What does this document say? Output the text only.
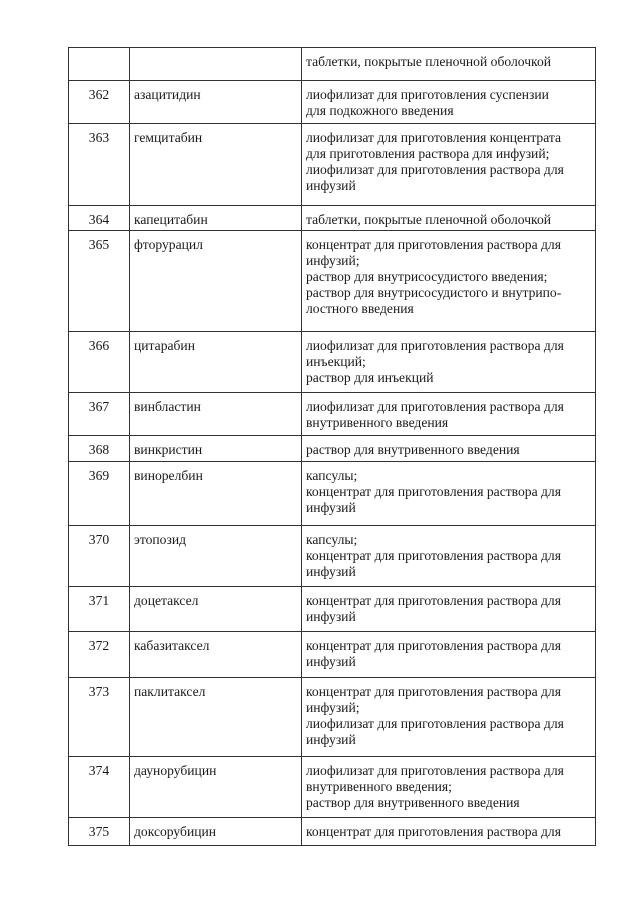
		таблетки, покрытые пленочной оболочкой
362	азацитидин	лиофилизат для приготовления суспензии
для подкожного введения
363	гемцитабин	лиофилизат для приготовления концентрата
для приготовления раствора для инфузий;
лиофилизат для приготовления раствора для
инфузий
364	капецитабин	таблетки, покрытые пленочной оболочкой
365	фторурацил	концентрат для приготовления раствора для
инфузий;
раствор для внутрисосудистого введения;
раствор для внутрисосудистого и внутрипо-
лостного введения
366	цитарабин	лиофилизат для приготовления раствора для
инъекций;
раствор для инъекций
367	винбластин	лиофилизат для приготовления раствора для
внутривенного введения
368	винкристин	раствор для внутривенного введения
369	винорелбин	капсулы;
концентрат для приготовления раствора для
инфузий
370	этопозид	капсулы;
концентрат для приготовления раствора для
инфузий
371	доцетаксел	концентрат для приготовления раствора для
инфузий
372	кабазитаксел	концентрат для приготовления раствора для
инфузий
373	паклитаксел	концентрат для приготовления раствора для
инфузий;
лиофилизат для приготовления раствора для
инфузий
374	даунорубицин	лиофилизат для приготовления раствора для
внутривенного введения;
раствор для внутривенного введения
375	доксорубицин	концентрат для приготовления раствора для
